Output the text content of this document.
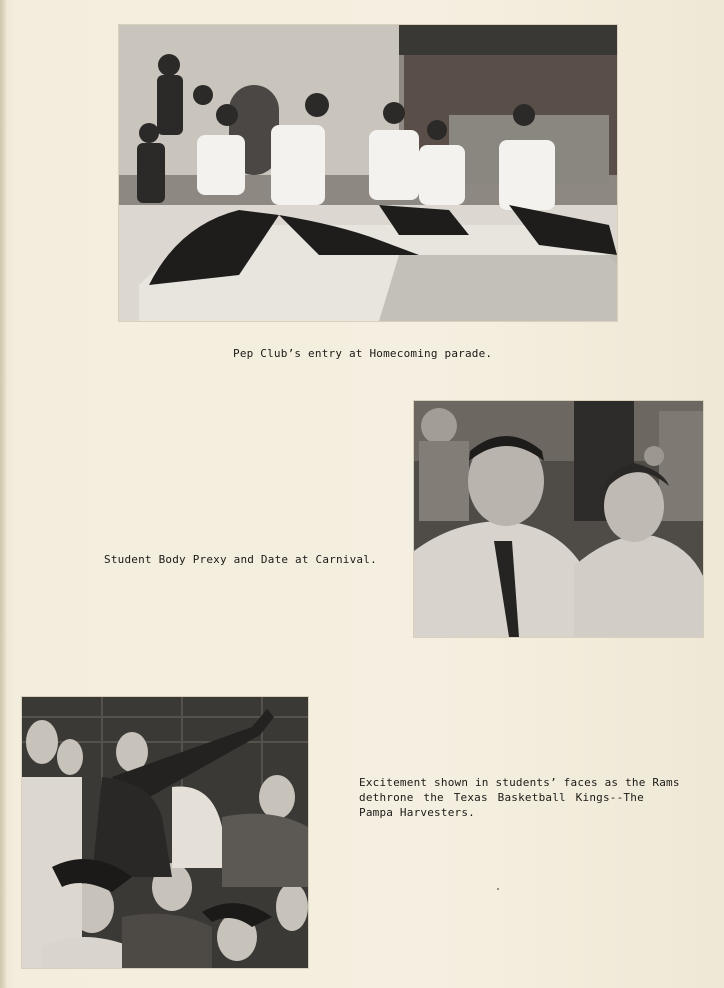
Pep Club’s entry at Homecoming parade.
Student Body Prexy and Date at Carnival.
Excitement shown in students’ faces as the Rams
dethrone the Texas Basketball Kings--The
Pampa Harvesters.
